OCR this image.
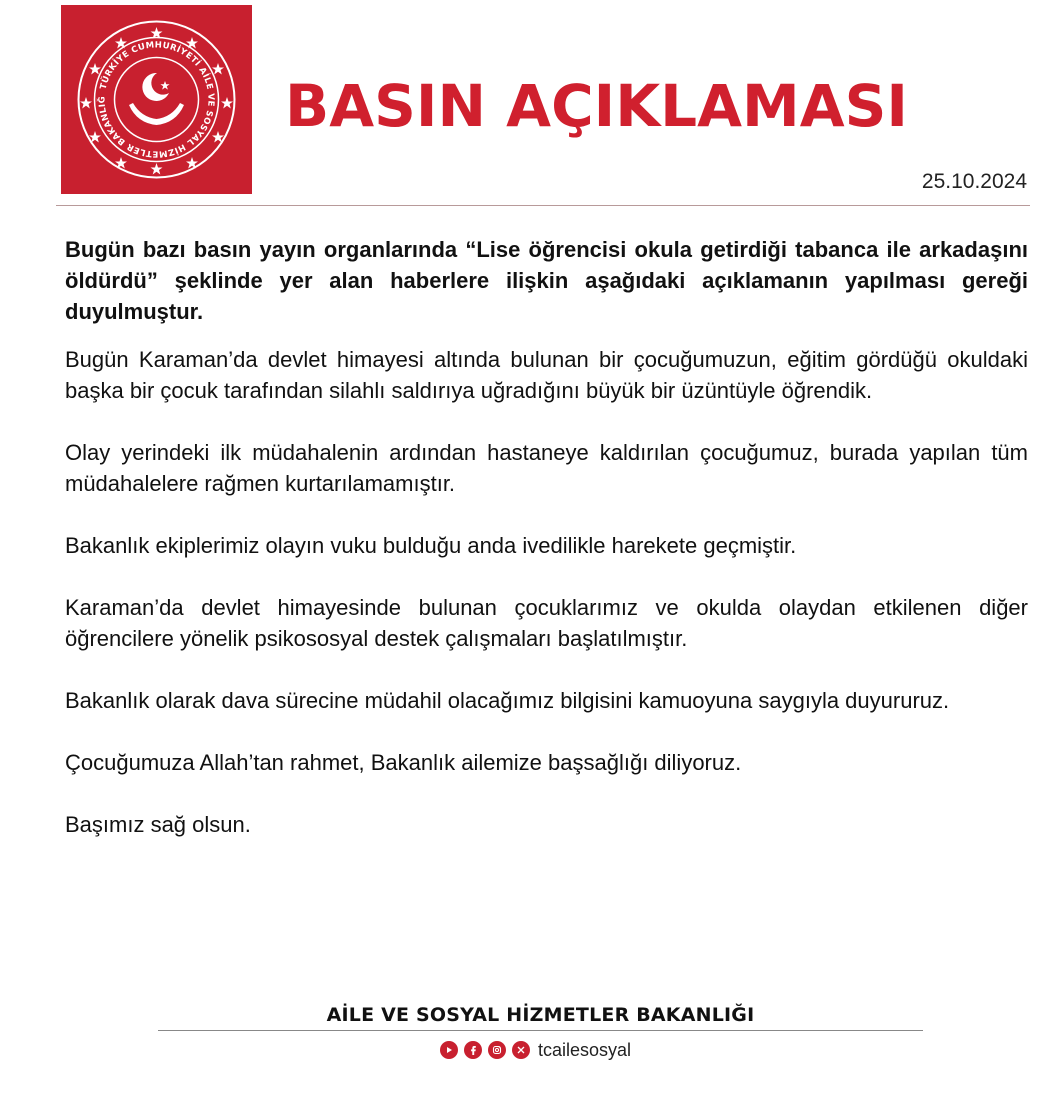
TÜRKİYE CUMHURİYETİ AİLE VE SOSYAL HİZMETLER BAKANLIĞ	BASIN AÇIKLAMASI
25.10.2024

Bugün bazı basın yayın organlarında “Lise öğrencisi okula getirdiği tabanca ile arkadaşını öldürdü” şeklinde yer alan haberlere ilişkin aşağıdaki açıklamanın yapılması gereği duyulmuştur.

Bugün Karaman’da devlet himayesi altında bulunan bir çocuğumuzun, eğitim gördüğü okuldaki başka bir çocuk tarafından silahlı saldırıya uğradığını büyük bir üzüntüyle öğrendik.

Olay yerindeki ilk müdahalenin ardından hastaneye kaldırılan çocuğumuz, burada yapılan tüm müdahalelere rağmen kurtarılamamıştır.

Bakanlık ekiplerimiz olayın vuku bulduğu anda ivedilikle harekete geçmiştir.

Karaman’da devlet himayesinde bulunan çocuklarımız ve okulda olaydan etkilenen diğer öğrencilere yönelik psikososyal destek çalışmaları başlatılmıştır.

Bakanlık olarak dava sürecine müdahil olacağımız bilgisini kamuoyuna saygıyla duyururuz.

Çocuğumuza Allah’tan rahmet, Bakanlık ailemize başsağlığı diliyoruz.

Başımız sağ olsun.

AİLE VE SOSYAL HİZMETLER BAKANLIĞI
tcailesosyal
